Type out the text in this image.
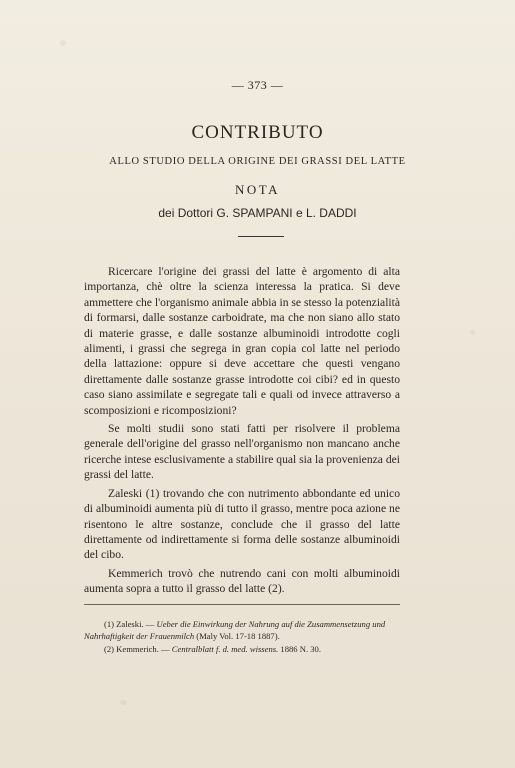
— 373 —
CONTRIBUTO
ALLO STUDIO DELLA ORIGINE DEI GRASSI DEL LATTE
NOTA
dei Dottori G. SPAMPANI e L. DADDI

Ricercare l'origine dei grassi del latte è argomento di alta importanza, chè oltre la scienza interessa la pratica. Si deve ammettere che l'organismo animale abbia in se stesso la potenzialità di formarsi, dalle sostanze carboidrate, ma che non siano allo stato di materie grasse, e dalle sostanze albuminoidi introdotte cogli alimenti, i grassi che segrega in gran copia col latte nel periodo della lattazione: oppure si deve accettare che questi vengano direttamente dalle sostanze grasse introdotte coi cibi? ed in questo caso siano assimilate e segregate tali e quali od invece attraverso a scomposizioni e ricomposizioni?

Se molti studii sono stati fatti per risolvere il problema generale dell'origine del grasso nell'organismo non mancano anche ricerche intese esclusivamente a stabilire qual sia la provenienza dei grassi del latte.

Zaleski (1) trovando che con nutrimento abbondante ed unico di albuminoidi aumenta più di tutto il grasso, mentre poca azione ne risentono le altre sostanze, conclude che il grasso del latte direttamente od indirettamente si forma delle sostanze albuminoidi del cibo.

Kemmerich trovò che nutrendo cani con molti albuminoidi aumenta sopra a tutto il grasso del latte (2).

(1) Zaleski. — Ueber die Einwirkung der Nahrung auf die Zusammensetzung und Nahrhaftigkeit der Frauenmilch (Maly Vol. 17-18 1887).

(2) Kemmerich. — Centralblatt f. d. med. wissens. 1886 N. 30.
